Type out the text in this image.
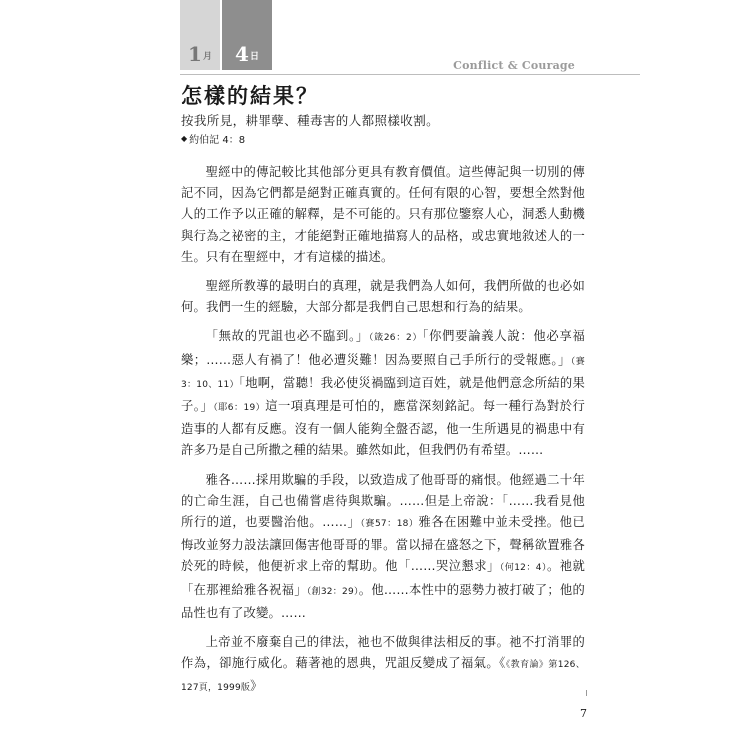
1 月 4 日
Conflict & Courage
怎樣的結果？
按我所見，耕罪孽、種毒害的人都照樣收割。
◆ 約伯記 4：8

聖經中的傳記較比其他部分更具有教育價值。這些傳記與一切別的傳記不同，因為它們都是絕對正確真實的。任何有限的心智，要想全然對他人的工作予以正確的解釋，是不可能的。只有那位鑒察人心，洞悉人動機與行為之祕密的主，才能絕對正確地描寫人的品格，或忠實地敘述人的一生。只有在聖經中，才有這樣的描述。

聖經所教導的最明白的真理，就是我們為人如何，我們所做的也必如何。我們一生的經驗，大部分都是我們自己思想和行為的結果。

「無故的咒詛也必不臨到。」（箴26：2）「你們要論義人說：他必享福樂；……惡人有禍了！他必遭災難！因為要照自己手所行的受報應。」（賽3：10、11）「地啊，當聽！我必使災禍臨到這百姓，就是他們意念所結的果子。」（耶6：19）這一項真理是可怕的，應當深刻銘記。每一種行為對於行造事的人都有反應。沒有一個人能夠全盤否認，他一生所遇見的禍患中有許多乃是自己所撒之種的結果。雖然如此，但我們仍有希望。……

雅各……採用欺騙的手段，以致造成了他哥哥的痛恨。他經過二十年的亡命生涯，自己也備嘗虐待與欺騙。……但是上帝說：「……我看見他所行的道，也要醫治他。……」（賽57：18）雅各在困難中並未受挫。他已悔改並努力設法讓回傷害他哥哥的罪。當以掃在盛怒之下，聲稱欲置雅各於死的時候，他便祈求上帝的幫助。他「……哭泣懇求」（何12：4）。祂就「在那裡給雅各祝福」（創32：29）。他……本性中的惡勢力被打破了；他的品性也有了改變。……

上帝並不廢棄自己的律法，祂也不做與律法相反的事。祂不打消罪的作為，卻施行威化。藉著祂的恩典，咒詛反變成了福氣。《《教育論》第126、127頁，1999版》

7
